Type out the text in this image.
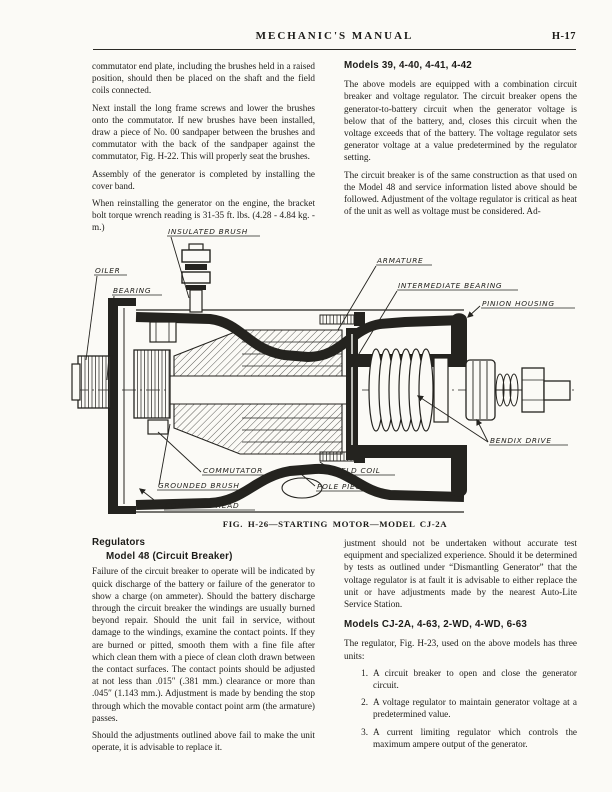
MECHANIC'S MANUAL	H-17

commutator end plate, including the brushes held in a raised position, should then be placed on the shaft and the field coils connected.

Next install the long frame screws and lower the brushes onto the commutator. If new brushes have been installed, draw a piece of No. 00 sandpaper between the brushes and commutator with the back of the sandpaper against the commutator, Fig. H-22. This will properly seat the brushes.

Assembly of the generator is completed by installing the cover band.

When reinstalling the generator on the engine, the bracket bolt torque wrench reading is 31-35 ft. lbs. (4.28 - 4.84 kg. - m.)

Models 39, 4-40, 4-41, 4-42

The above models are equipped with a combination circuit breaker and voltage regulator. The circuit breaker opens the generator-to-battery circuit when the generator voltage is below that of the battery, and, closes this circuit when the voltage exceeds that of the battery. The voltage regulator sets generator voltage at a value predetermined by the regulator setting.

The circuit breaker is of the same construction as that used on the Model 48 and service information listed above should be followed. Adjustment of the voltage regulator is critical as heat of the unit as well as voltage must be considered. Ad-

INSULATED BRUSH
OILER
BEARING
ARMATURE
INTERMEDIATE BEARING
PINION HOUSING
BENDIX DRIVE
FIELD COIL
POLE PIECE
COMMUTATOR
GROUNDED BRUSH
COMM END HEAD
FIG. H-26—STARTING MOTOR—MODEL CJ-2A

Regulators

Model 48 (Circuit Breaker)

Failure of the circuit breaker to operate will be indicated by quick discharge of the battery or failure of the generator to show a charge (on ammeter). Should the battery discharge through the circuit breaker the windings are usually burned beyond repair. Should the unit fail in service, without damage to the windings, examine the contact points. If they are burned or pitted, smooth them with a fine file after which clean them with a piece of clean cloth drawn between the contact surfaces. The contact points should be adjusted at not less than .015″ (.381 mm.) clearance or more than .045″ (1.143 mm.). Adjustment is made by bending the stop through which the movable contact point arm (the armature) passes.

Should the adjustments outlined above fail to make the unit operate, it is advisable to replace it.

justment should not be undertaken without accurate test equipment and specialized experience. Should it be determined by tests as outlined under “Dismantling Generator” that the voltage regulator is at fault it is advisable to either replace the unit or have adjustments made by the nearest Auto-Lite Service Station.

Models CJ-2A, 4-63, 2-WD, 4-WD, 6-63

The regulator, Fig. H-23, used on the above models has three units:

1. A circuit breaker to open and close the generator circuit.
2. A voltage regulator to maintain generator voltage at a predetermined value.
3. A current limiting regulator which controls the maximum ampere output of the generator.
